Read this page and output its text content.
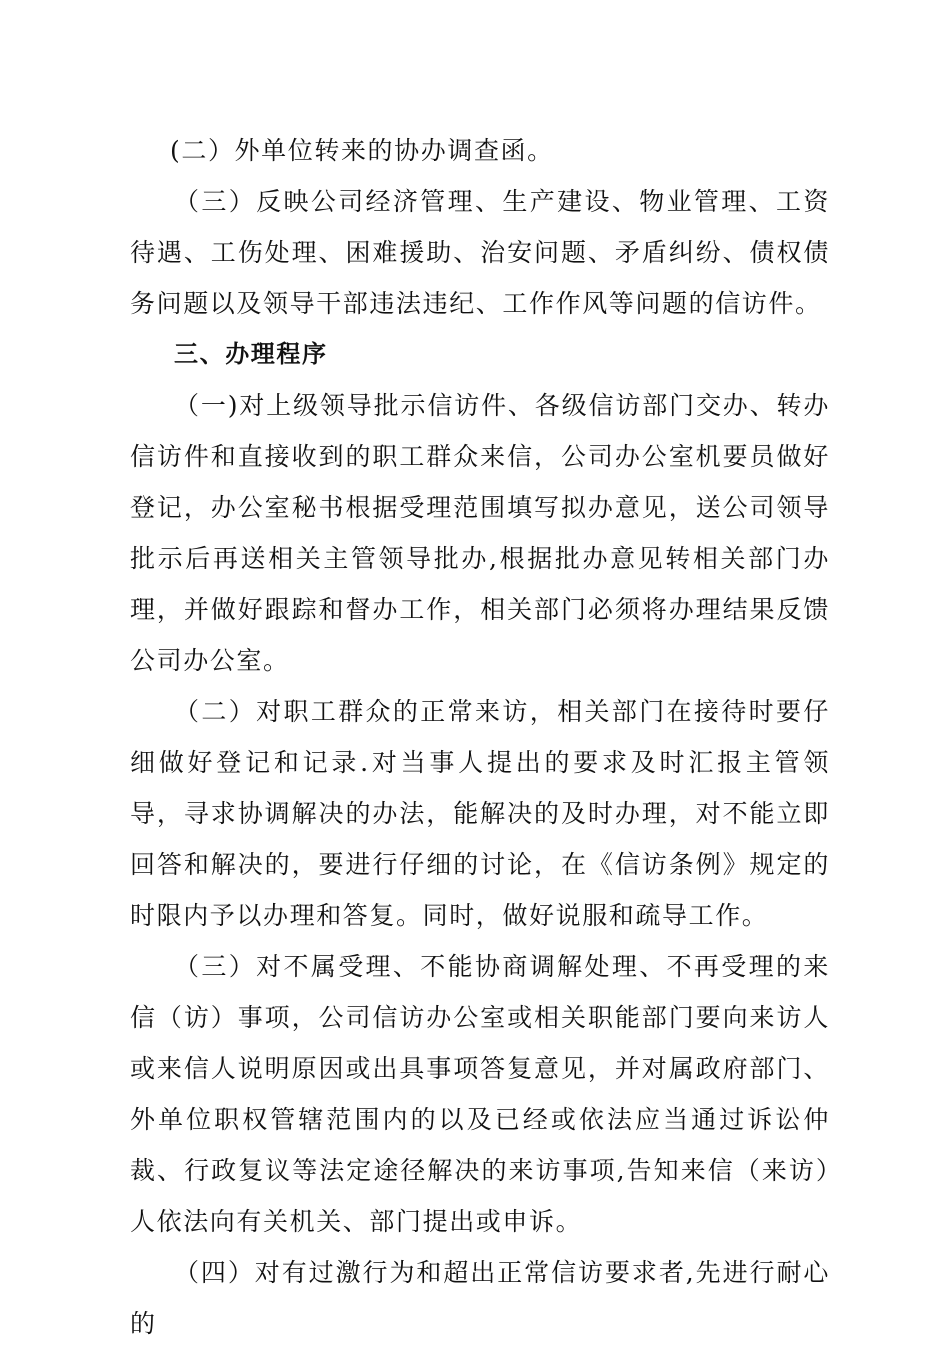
(二）外单位转来的协办调查函。

（三）反映公司经济管理、生产建设、物业管理、工资待遇、工伤处理、困难援助、治安问题、矛盾纠纷、债权债务问题以及领导干部违法违纪、工作作风等问题的信访件。

三、办理程序

（一)对上级领导批示信访件、各级信访部门交办、转办信访件和直接收到的职工群众来信，公司办公室机要员做好登记，办公室秘书根据受理范围填写拟办意见，送公司领导批示后再送相关主管领导批办,根据批办意见转相关部门办理，并做好跟踪和督办工作，相关部门必须将办理结果反馈公司办公室。

（二）对职工群众的正常来访，相关部门在接待时要仔细做好登记和记录.对当事人提出的要求及时汇报主管领导，寻求协调解决的办法，能解决的及时办理，对不能立即回答和解决的，要进行仔细的讨论，在《信访条例》规定的时限内予以办理和答复。同时，做好说服和疏导工作。

（三）对不属受理、不能协商调解处理、不再受理的来信（访）事项，公司信访办公室或相关职能部门要向来访人或来信人说明原因或出具事项答复意见，并对属政府部门、外单位职权管辖范围内的以及已经或依法应当通过诉讼仲裁、行政复议等法定途径解决的来访事项,告知来信（来访）人依法向有关机关、部门提出或申诉。

（四）对有过激行为和超出正常信访要求者,先进行耐心的
